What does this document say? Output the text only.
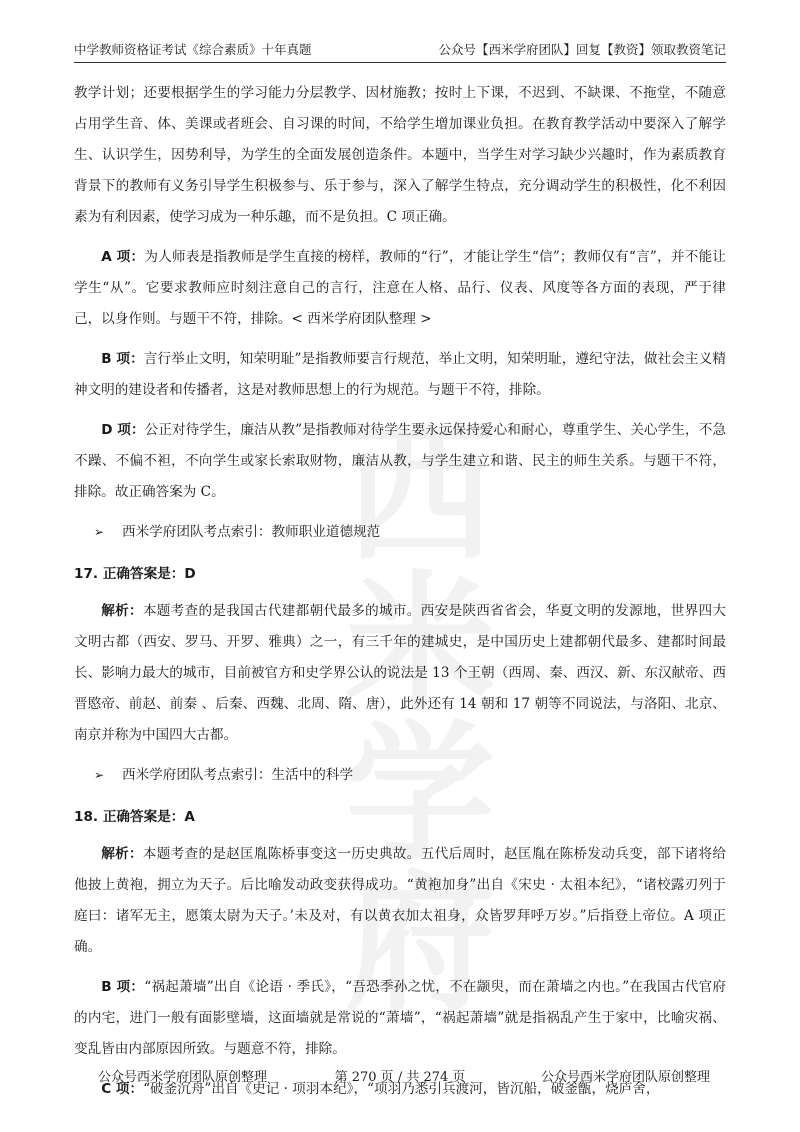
中学教师资格证考试《综合素质》十年真题	公众号【西米学府团队】回复【教资】领取教资笔记
西米学府

教学计划；还要根据学生的学习能力分层教学、因材施教；按时上下课，不迟到、不缺课、不拖堂，不随意占用学生音、体、美课或者班会、自习课的时间，不给学生增加课业负担。在教育教学活动中要深入了解学生、认识学生，因势利导，为学生的全面发展创造条件。本题中，当学生对学习缺少兴趣时，作为素质教育背景下的教师有义务引导学生积极参与、乐于参与，深入了解学生特点，充分调动学生的积极性，化不利因素为有利因素，使学习成为一种乐趣，而不是负担。C 项正确。

A 项：为人师表是指教师是学生直接的榜样，教师的“行”，才能让学生“信”；教师仅有“言”，并不能让学生“从”。它要求教师应时刻注意自己的言行，注意在人格、品行、仪表、风度等各方面的表现，严于律己，以身作则。与题干不符，排除。< 西米学府团队整理 >

B 项：言行举止文明，知荣明耻”是指教师要言行规范，举止文明，知荣明耻，遵纪守法，做社会主义精神文明的建设者和传播者，这是对教师思想上的行为规范。与题干不符，排除。

D 项：公正对待学生，廉洁从教”是指教师对待学生要永远保持爱心和耐心，尊重学生、关心学生，不急不躁、不偏不袒，不向学生或家长索取财物，廉洁从教，与学生建立和谐、民主的师生关系。与题干不符，排除。故正确答案为 C。

➢ 西米学府团队考点索引：教师职业道德规范

17. 正确答案是：D

解析：本题考查的是我国古代建都朝代最多的城市。西安是陕西省省会，华夏文明的发源地，世界四大文明古都（西安、罗马、开罗、雅典）之一，有三千年的建城史，是中国历史上建都朝代最多、建都时间最长、影响力最大的城市，目前被官方和史学界公认的说法是 13 个王朝（西周、秦、西汉、新、东汉献帝、西晋愍帝、前赵、前秦 、后秦、西魏、北周、隋、唐），此外还有 14 朝和 17 朝等不同说法，与洛阳、北京、南京并称为中国四大古都。

➢ 西米学府团队考点索引：生活中的科学

18. 正确答案是：A

解析：本题考查的是赵匡胤陈桥事变这一历史典故。五代后周时，赵匡胤在陈桥发动兵变，部下诸将给他披上黄袍，拥立为天子。后比喻发动政变获得成功。“黄袍加身”出自《宋史 · 太祖本纪》，“诸校露刃列于庭曰：诸军无主，愿策太尉为天子。’未及对，有以黄衣加太祖身，众皆罗拜呼万岁。”后指登上帝位。A 项正确。

B 项：“祸起萧墙”出自《论语 · 季氏》，“吾恐季孙之忧，不在颛臾，而在萧墙之内也。”在我国古代官府的内宅，进门一般有面影壁墙，这面墙就是常说的“萧墙”，“祸起萧墙”就是指祸乱产生于家中，比喻灾祸、变乱皆由内部原因所致。与题意不符，排除。

C 项：“破釜沉舟”出自《史记 · 项羽本纪》，“项羽乃悉引兵渡河，皆沉船，破釜甑，烧庐舍，

公众号西米学府团队原创整理	第 270 页 / 共 274 页	公众号西米学府团队原创整理
